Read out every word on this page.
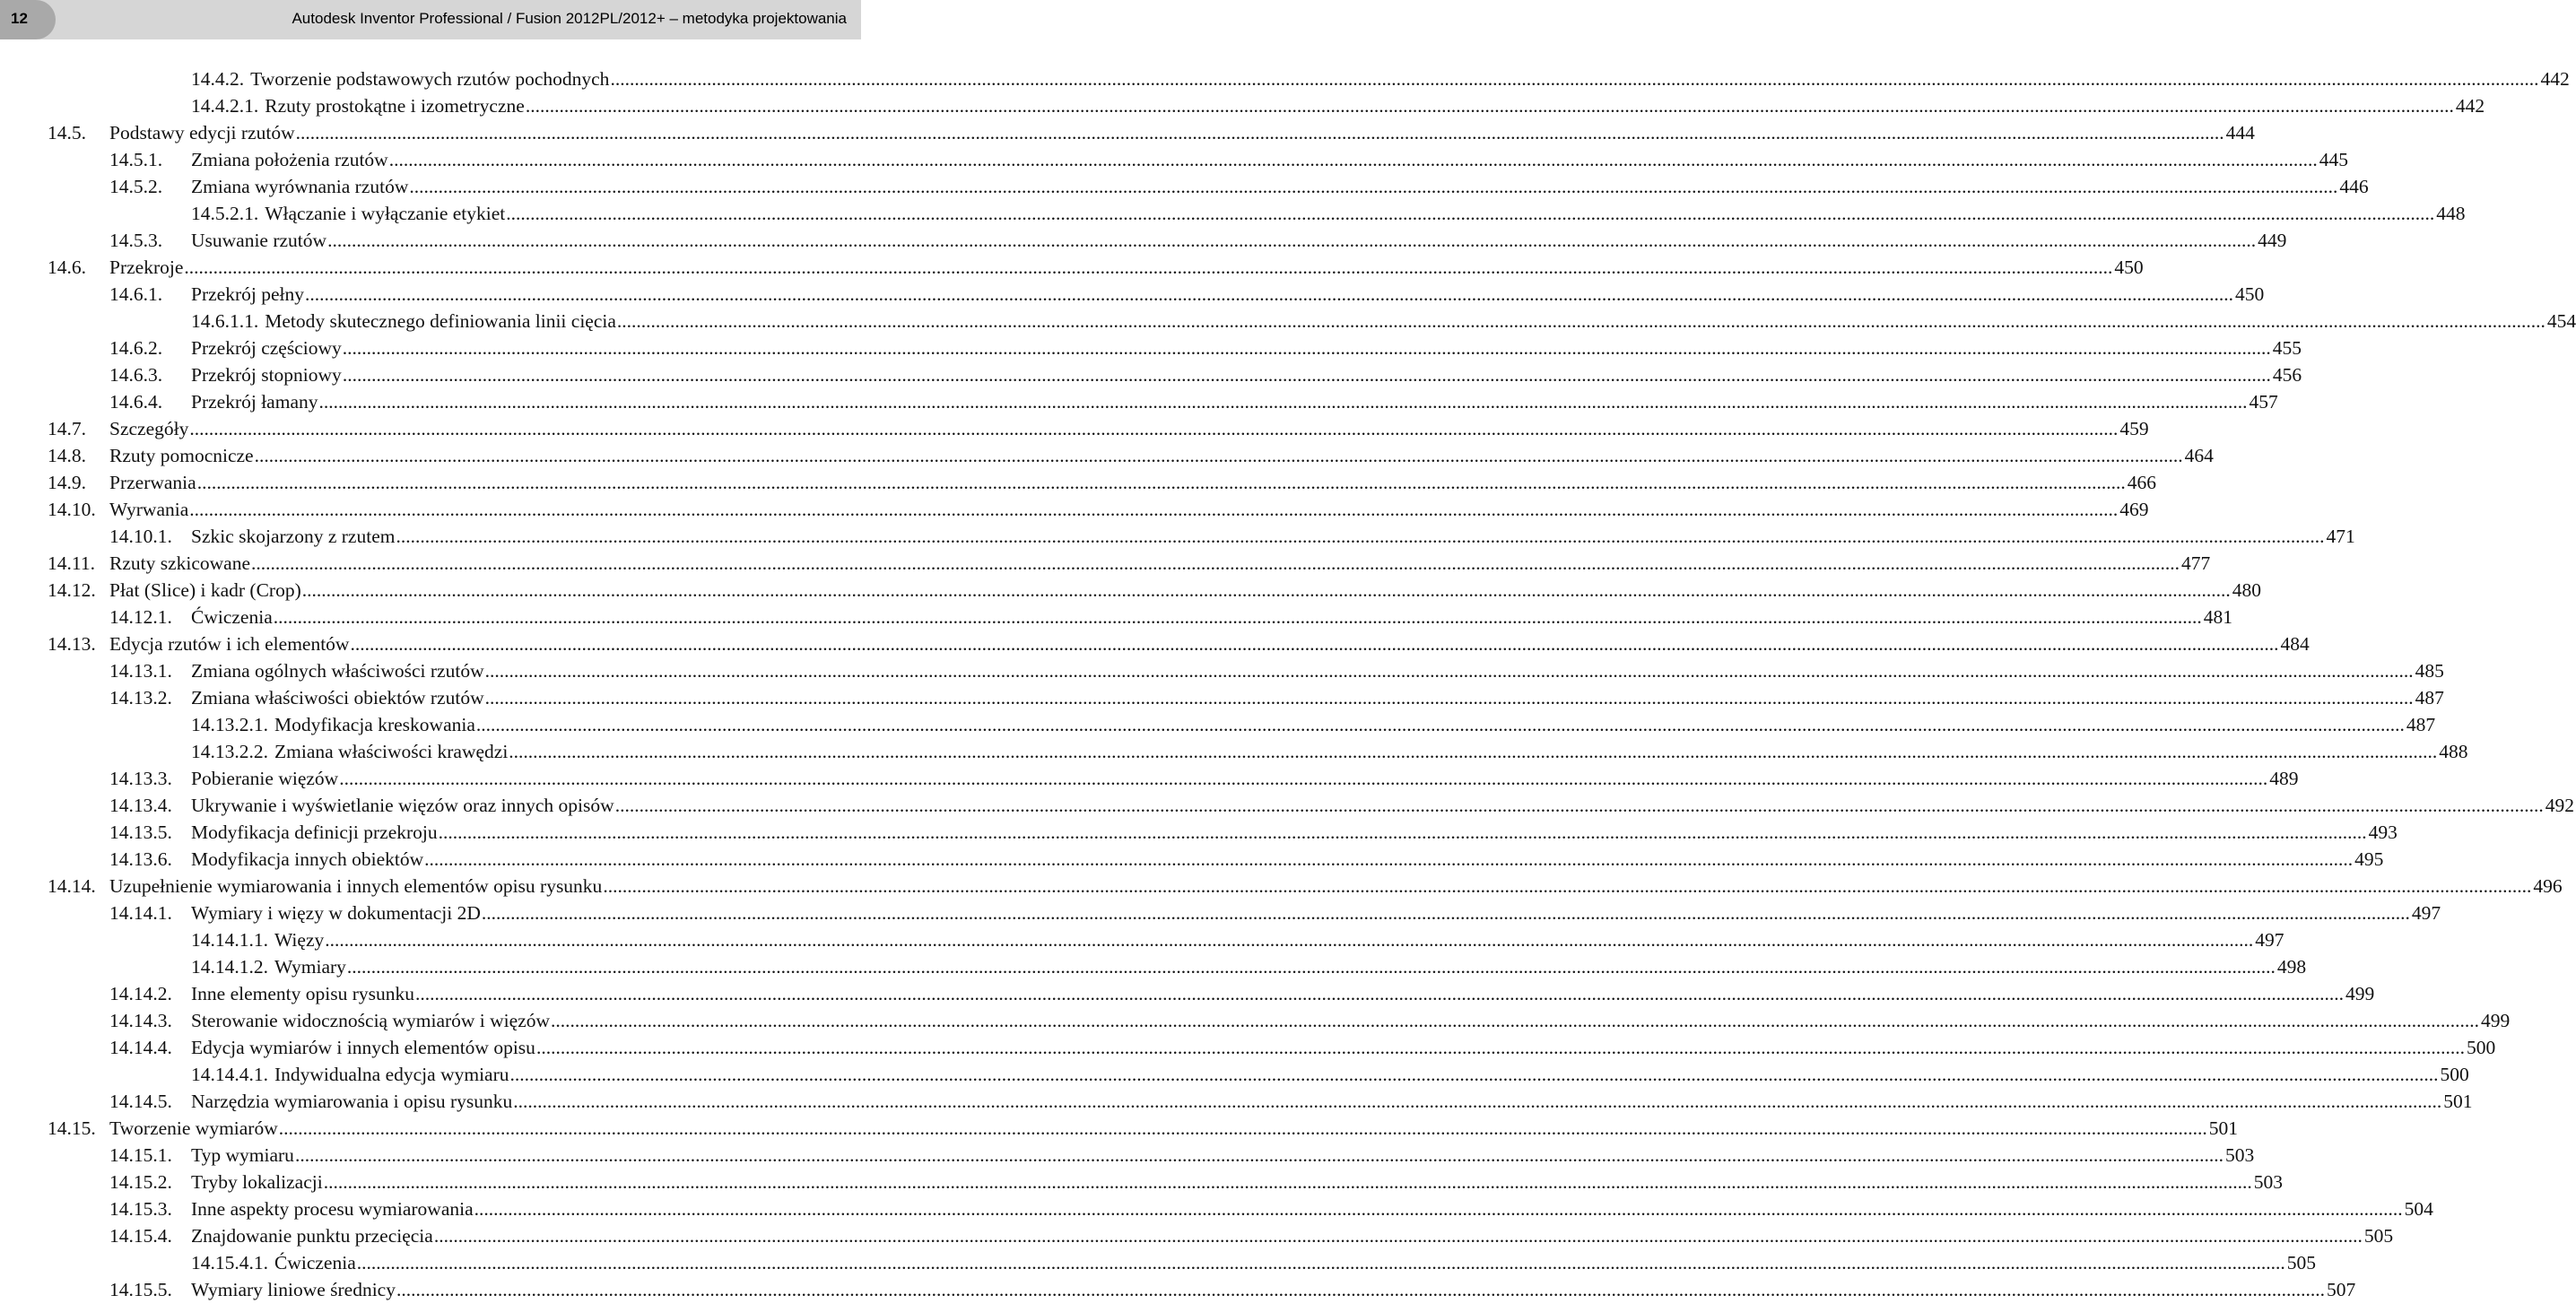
12	Autodesk Inventor Professional / Fusion 2012PL/2012+ – metodyka projektowania
14.4.2. Tworzenie podstawowych rzutów pochodnych ................................................................................................................................................................................................................................................................................................................................................................................................................ 442
14.4.2.1. Rzuty prostokątne i izometryczne ................................................................................................................................................................................................................................................................................................................................................................................................................ 442
14.5.	Podstawy edycji rzutów ................................................................................................................................................................................................................................................................................................................................................................................................................ 444
14.5.1.	Zmiana położenia rzutów ................................................................................................................................................................................................................................................................................................................................................................................................................ 445
14.5.2.	Zmiana wyrównania rzutów ................................................................................................................................................................................................................................................................................................................................................................................................................ 446
14.5.2.1. Włączanie i wyłączanie etykiet ................................................................................................................................................................................................................................................................................................................................................................................................................ 448
14.5.3.	Usuwanie rzutów ................................................................................................................................................................................................................................................................................................................................................................................................................ 449
14.6.	Przekroje ................................................................................................................................................................................................................................................................................................................................................................................................................ 450
14.6.1.	Przekrój pełny ................................................................................................................................................................................................................................................................................................................................................................................................................ 450
14.6.1.1. Metody skutecznego definiowania linii cięcia ................................................................................................................................................................................................................................................................................................................................................................................................................ 454
14.6.2.	Przekrój częściowy ................................................................................................................................................................................................................................................................................................................................................................................................................ 455
14.6.3.	Przekrój stopniowy ................................................................................................................................................................................................................................................................................................................................................................................................................ 456
14.6.4.	Przekrój łamany ................................................................................................................................................................................................................................................................................................................................................................................................................ 457
14.7.	Szczegóły ................................................................................................................................................................................................................................................................................................................................................................................................................ 459
14.8.	Rzuty pomocnicze ................................................................................................................................................................................................................................................................................................................................................................................................................ 464
14.9.	Przerwania ................................................................................................................................................................................................................................................................................................................................................................................................................ 466
14.10. Wyrwania ................................................................................................................................................................................................................................................................................................................................................................................................................ 469
14.10.1. Szkic skojarzony z rzutem ................................................................................................................................................................................................................................................................................................................................................................................................................ 471
14.11. Rzuty szkicowane ................................................................................................................................................................................................................................................................................................................................................................................................................ 477
14.12. Płat (Slice) i kadr (Crop) ................................................................................................................................................................................................................................................................................................................................................................................................................ 480
14.12.1. Ćwiczenia ................................................................................................................................................................................................................................................................................................................................................................................................................ 481
14.13. Edycja rzutów i ich elementów ................................................................................................................................................................................................................................................................................................................................................................................................................ 484
14.13.1. Zmiana ogólnych właściwości rzutów ................................................................................................................................................................................................................................................................................................................................................................................................................ 485
14.13.2. Zmiana właściwości obiektów rzutów ................................................................................................................................................................................................................................................................................................................................................................................................................ 487
14.13.2.1. Modyfikacja kreskowania ................................................................................................................................................................................................................................................................................................................................................................................................................ 487
14.13.2.2. Zmiana właściwości krawędzi ................................................................................................................................................................................................................................................................................................................................................................................................................ 488
14.13.3. Pobieranie więzów ................................................................................................................................................................................................................................................................................................................................................................................................................ 489
14.13.4. Ukrywanie i wyświetlanie więzów oraz innych opisów ................................................................................................................................................................................................................................................................................................................................................................................................................ 492
14.13.5. Modyfikacja definicji przekroju ................................................................................................................................................................................................................................................................................................................................................................................................................ 493
14.13.6. Modyfikacja innych obiektów ................................................................................................................................................................................................................................................................................................................................................................................................................ 495
14.14. Uzupełnienie wymiarowania i innych elementów opisu rysunku ................................................................................................................................................................................................................................................................................................................................................................................................................ 496
14.14.1. Wymiary i więzy w dokumentacji 2D ................................................................................................................................................................................................................................................................................................................................................................................................................ 497
14.14.1.1. Więzy ................................................................................................................................................................................................................................................................................................................................................................................................................ 497
14.14.1.2. Wymiary ................................................................................................................................................................................................................................................................................................................................................................................................................ 498
14.14.2. Inne elementy opisu rysunku ................................................................................................................................................................................................................................................................................................................................................................................................................ 499
14.14.3. Sterowanie widocznością wymiarów i więzów ................................................................................................................................................................................................................................................................................................................................................................................................................ 499
14.14.4. Edycja wymiarów i innych elementów opisu ................................................................................................................................................................................................................................................................................................................................................................................................................ 500
14.14.4.1. Indywidualna edycja wymiaru ................................................................................................................................................................................................................................................................................................................................................................................................................ 500
14.14.5. Narzędzia wymiarowania i opisu rysunku ................................................................................................................................................................................................................................................................................................................................................................................................................ 501
14.15. Tworzenie wymiarów ................................................................................................................................................................................................................................................................................................................................................................................................................ 501
14.15.1. Typ wymiaru ................................................................................................................................................................................................................................................................................................................................................................................................................ 503
14.15.2. Tryby lokalizacji ................................................................................................................................................................................................................................................................................................................................................................................................................ 503
14.15.3. Inne aspekty procesu wymiarowania ................................................................................................................................................................................................................................................................................................................................................................................................................ 504
14.15.4. Znajdowanie punktu przecięcia ................................................................................................................................................................................................................................................................................................................................................................................................................ 505
14.15.4.1. Ćwiczenia ................................................................................................................................................................................................................................................................................................................................................................................................................ 505
14.15.5. Wymiary liniowe średnicy ................................................................................................................................................................................................................................................................................................................................................................................................................ 507
